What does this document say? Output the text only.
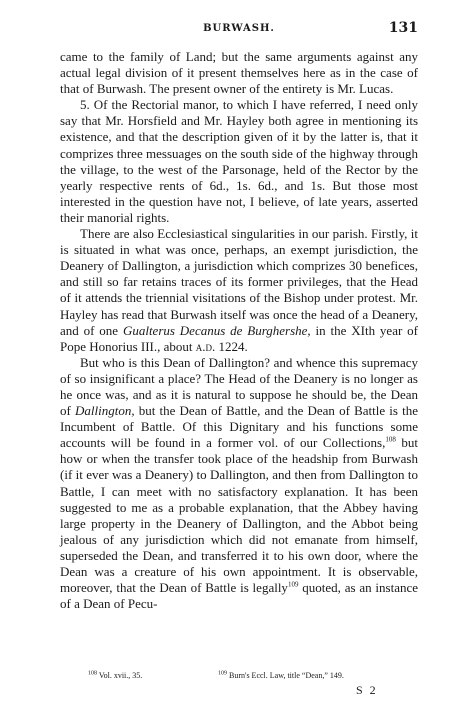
BURWASH.	131

came to the family of Land; but the same arguments against any actual legal division of it present themselves here as in the case of that of Burwash. The present owner of the entirety is Mr. Lucas.

5. Of the Rectorial manor, to which I have referred, I need only say that Mr. Horsfield and Mr. Hayley both agree in mentioning its existence, and that the description given of it by the latter is, that it comprizes three messuages on the south side of the highway through the village, to the west of the Parsonage, held of the Rector by the yearly respective rents of 6d., 1s. 6d., and 1s. But those most interested in the question have not, I believe, of late years, asserted their manorial rights.

There are also Ecclesiastical singularities in our parish. Firstly, it is situated in what was once, perhaps, an exempt jurisdiction, the Deanery of Dallington, a jurisdiction which comprizes 30 benefices, and still so far retains traces of its former privileges, that the Head of it attends the triennial visitations of the Bishop under protest. Mr. Hayley has read that Burwash itself was once the head of a Deanery, and of one Gualterus Decanus de Burghershe, in the XIth year of Pope Honorius III., about a.d. 1224.

But who is this Dean of Dallington? and whence this supremacy of so insignificant a place? The Head of the Deanery is no longer as he once was, and as it is natural to suppose he should be, the Dean of Dallington, but the Dean of Battle, and the Dean of Battle is the Incumbent of Battle. Of this Dignitary and his functions some accounts will be found in a former vol. of our Collections,$^{108}$ but how or when the transfer took place of the headship from Burwash (if it ever was a Deanery) to Dallington, and then from Dallington to Battle, I can meet with no satisfactory explanation. It has been suggested to me as a probable explanation, that the Abbey having large property in the Deanery of Dallington, and the Abbot being jealous of any jurisdiction which did not emanate from himself, superseded the Dean, and transferred it to his own door, where the Dean was a creature of his own appointment. It is observable, moreover, that the Dean of Battle is legally$^{109}$ quoted, as an instance of a Dean of Pecu-

$^{108}$ Vol. xvii., 35.	$^{109}$ Burn's Eccl. Law, title “Dean,” 149.
S 2
